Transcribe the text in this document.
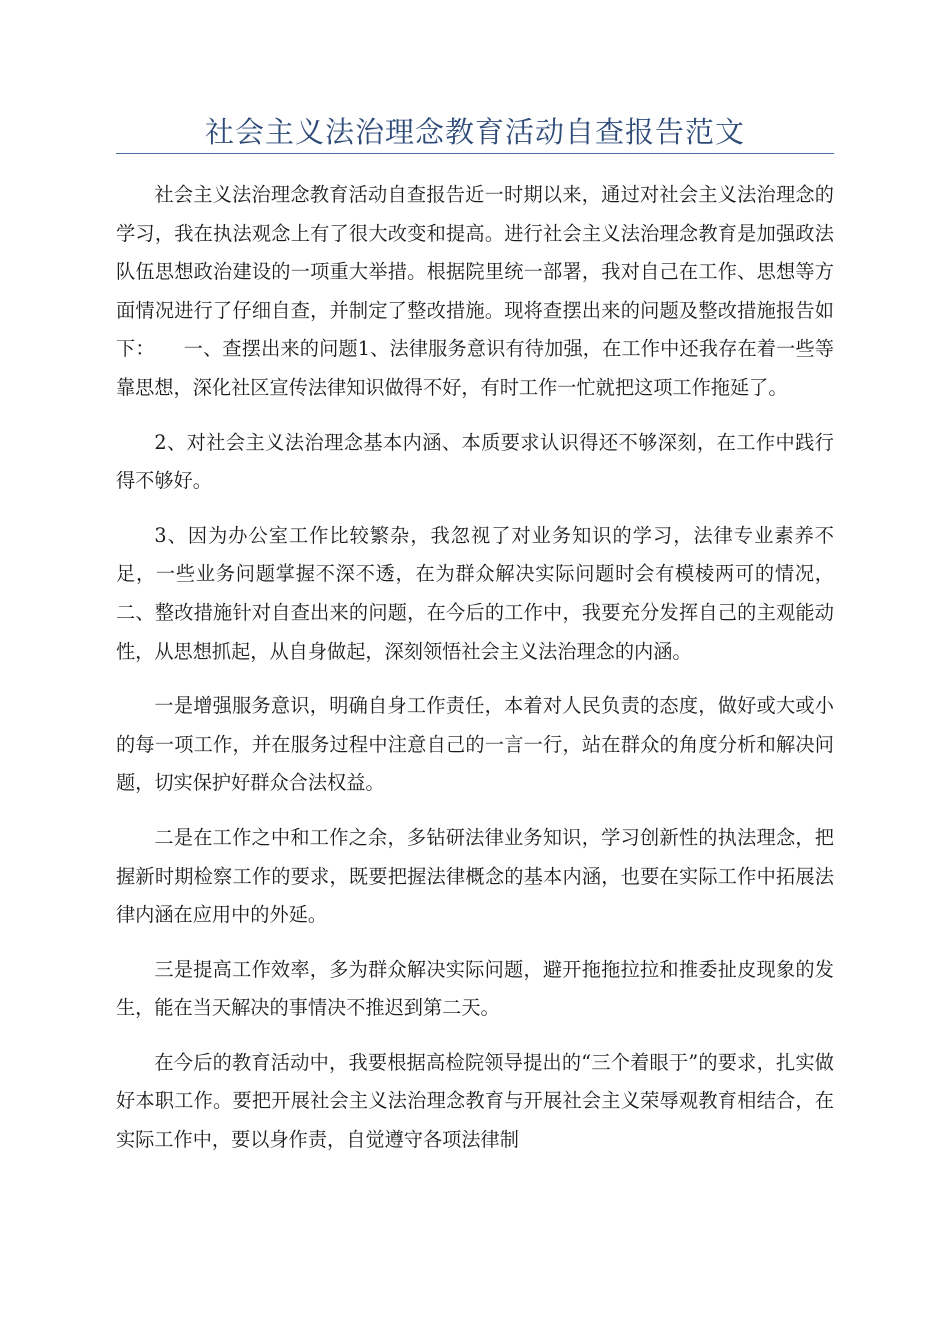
社会主义法治理念教育活动自查报告范文

社会主义法治理念教育活动自查报告近一时期以来，通过对社会主义法治理念的学习，我在执法观念上有了很大改变和提高。进行社会主义法治理念教育是加强政法队伍思想政治建设的一项重大举措。根据院里统一部署，我对自己在工作、思想等方面情况进行了仔细自查，并制定了整改措施。现将查摆出来的问题及整改措施报告如下：　　一、查摆出来的问题1、法律服务意识有待加强，在工作中还我存在着一些等靠思想，深化社区宣传法律知识做得不好，有时工作一忙就把这项工作拖延了。

2、对社会主义法治理念基本内涵、本质要求认识得还不够深刻，在工作中践行得不够好。

3、因为办公室工作比较繁杂，我忽视了对业务知识的学习，法律专业素养不足，一些业务问题掌握不深不透，在为群众解决实际问题时会有模棱两可的情况，二、整改措施针对自查出来的问题，在今后的工作中，我要充分发挥自己的主观能动性，从思想抓起，从自身做起，深刻领悟社会主义法治理念的内涵。

一是增强服务意识，明确自身工作责任，本着对人民负责的态度，做好或大或小的每一项工作，并在服务过程中注意自己的一言一行，站在群众的角度分析和解决问题，切实保护好群众合法权益。

二是在工作之中和工作之余，多钻研法律业务知识，学习创新性的执法理念，把握新时期检察工作的要求，既要把握法律概念的基本内涵，也要在实际工作中拓展法律内涵在应用中的外延。

三是提高工作效率，多为群众解决实际问题，避开拖拖拉拉和推委扯皮现象的发生，能在当天解决的事情决不推迟到第二天。

在今后的教育活动中，我要根据高检院领导提出的“三个着眼于”的要求，扎实做好本职工作。要把开展社会主义法治理念教育与开展社会主义荣辱观教育相结合，在实际工作中，要以身作责，自觉遵守各项法律制
